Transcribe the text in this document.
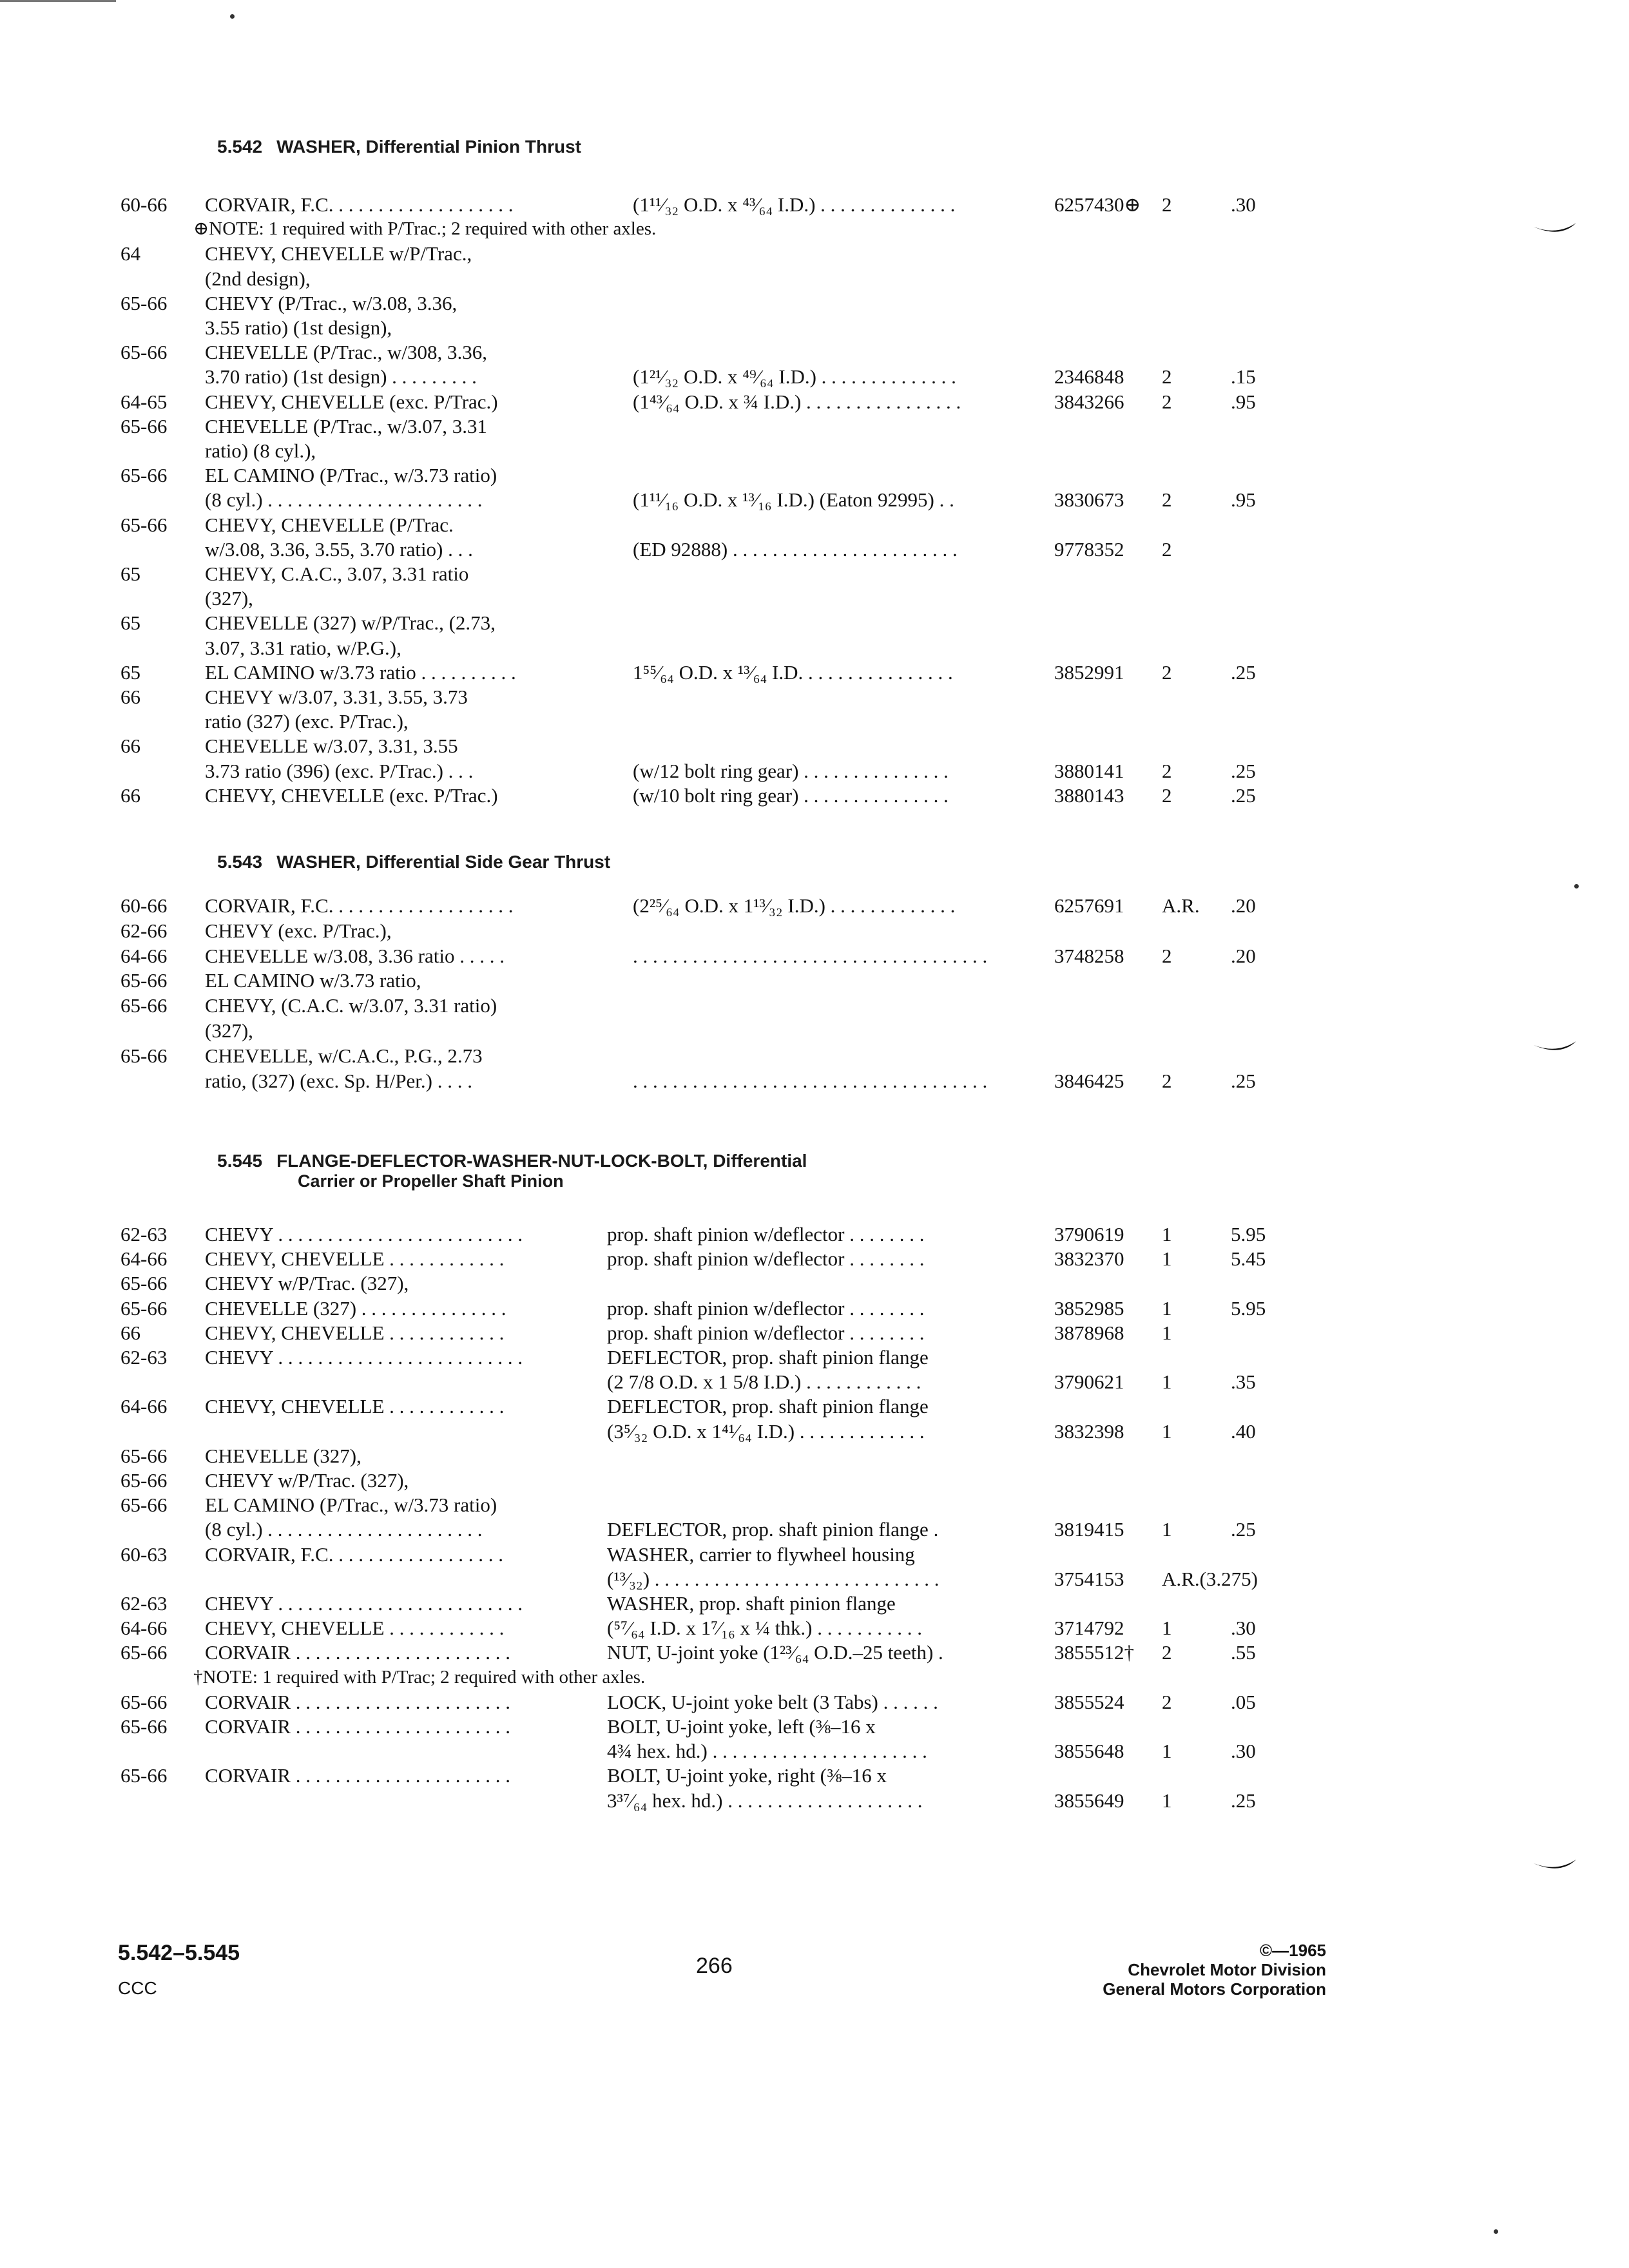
5.542 WASHER, Differential Pinion Thrust
60-66 CORVAIR, F.C. . . . . . . . . . . . . . . . . . .	(1¹¹⁄₃₂ O.D. x ⁴³⁄₆₄ I.D.) . . . . . . . . . . . . . .	6257430⊕ 2	.30
⊕NOTE: 1 required with P/Trac.; 2 required with other axles.
64	CHEVY, CHEVELLE w/P/Trac.,
(2nd design),
65-66 CHEVY (P/Trac., w/3.08, 3.36,
3.55 ratio) (1st design),
65-66 CHEVELLE (P/Trac., w/308, 3.36,
3.70 ratio) (1st design) . . . . . . . . .	(1²¹⁄₃₂ O.D. x ⁴⁹⁄₆₄ I.D.) . . . . . . . . . . . . . .	2346848 2	.15
64-65 CHEVY, CHEVELLE (exc. P/Trac.)	(1⁴³⁄₆₄ O.D. x ¾ I.D.) . . . . . . . . . . . . . . . .	3843266 2	.95
65-66 CHEVELLE (P/Trac., w/3.07, 3.31
ratio) (8 cyl.),
65-66 EL CAMINO (P/Trac., w/3.73 ratio)
(8 cyl.) . . . . . . . . . . . . . . . . . . . . . .	(1¹¹⁄₁₆ O.D. x ¹³⁄₁₆ I.D.) (Eaton 92995) . .	3830673 2	.95
65-66 CHEVY, CHEVELLE (P/Trac.
w/3.08, 3.36, 3.55, 3.70 ratio) . . .	(ED 92888) . . . . . . . . . . . . . . . . . . . . . . .	9778352 2
65	CHEVY, C.A.C., 3.07, 3.31 ratio
(327),
65	CHEVELLE (327) w/P/Trac., (2.73,
3.07, 3.31 ratio, w/P.G.),
65	EL CAMINO w/3.73 ratio . . . . . . . . . .	1⁵⁵⁄₆₄ O.D. x ¹³⁄₆₄ I.D. . . . . . . . . . . . . . . .	3852991 2	.25
66	CHEVY w/3.07, 3.31, 3.55, 3.73
ratio (327) (exc. P/Trac.),
66	CHEVELLE w/3.07, 3.31, 3.55
3.73 ratio (396) (exc. P/Trac.) . . .	(w/12 bolt ring gear) . . . . . . . . . . . . . . .	3880141 2	.25
66	CHEVY, CHEVELLE (exc. P/Trac.)	(w/10 bolt ring gear) . . . . . . . . . . . . . . .	3880143 2	.25
5.543 WASHER, Differential Side Gear Thrust
60-66 CORVAIR, F.C. . . . . . . . . . . . . . . . . . .	(2²⁵⁄₆₄ O.D. x 1¹³⁄₃₂ I.D.) . . . . . . . . . . . . .	6257691 A.R. .20
62-66 CHEVY (exc. P/Trac.),
64-66 CHEVELLE w/3.08, 3.36 ratio . . . . .	. . . . . . . . . . . . . . . . . . . . . . . . . . . . . . . . . . . .	3748258 2	.20
65-66 EL CAMINO w/3.73 ratio,
65-66 CHEVY, (C.A.C. w/3.07, 3.31 ratio)
(327),
65-66 CHEVELLE, w/C.A.C., P.G., 2.73
ratio, (327) (exc. Sp. H/Per.) . . . .	. . . . . . . . . . . . . . . . . . . . . . . . . . . . . . . . . . . .	3846425 2	.25
5.545 FLANGE-DEFLECTOR-WASHER-NUT-LOCK-BOLT, Differential
Carrier or Propeller Shaft Pinion
62-63 CHEVY . . . . . . . . . . . . . . . . . . . . . . . . .	prop. shaft pinion w/deflector . . . . . . . .	3790619 1	5.95
64-66 CHEVY, CHEVELLE . . . . . . . . . . . .	prop. shaft pinion w/deflector . . . . . . . .	3832370 1	5.45
65-66 CHEVY w/P/Trac. (327),
65-66 CHEVELLE (327) . . . . . . . . . . . . . . .	prop. shaft pinion w/deflector . . . . . . . .	3852985 1	5.95
66	CHEVY, CHEVELLE . . . . . . . . . . . .	prop. shaft pinion w/deflector . . . . . . . .	3878968 1
62-63 CHEVY . . . . . . . . . . . . . . . . . . . . . . . . .	DEFLECTOR, prop. shaft pinion flange
(2 7/8 O.D. x 1 5/8 I.D.) . . . . . . . . . . . .	3790621 1	.35
64-66 CHEVY, CHEVELLE . . . . . . . . . . . .	DEFLECTOR, prop. shaft pinion flange
(3⁵⁄₃₂ O.D. x 1⁴¹⁄₆₄ I.D.) . . . . . . . . . . . . .	3832398 1	.40
65-66 CHEVELLE (327),
65-66 CHEVY w/P/Trac. (327),
65-66 EL CAMINO (P/Trac., w/3.73 ratio)
(8 cyl.) . . . . . . . . . . . . . . . . . . . . . .	DEFLECTOR, prop. shaft pinion flange .	3819415 1	.25
60-63 CORVAIR, F.C. . . . . . . . . . . . . . . . . .	WASHER, carrier to flywheel housing
(¹³⁄₃₂) . . . . . . . . . . . . . . . . . . . . . . . . . . . . .	3754153 A.R.(3.275)
62-63 CHEVY . . . . . . . . . . . . . . . . . . . . . . . . .	WASHER, prop. shaft pinion flange
64-66 CHEVY, CHEVELLE . . . . . . . . . . . .	(⁵⁷⁄₆₄ I.D. x 1⁷⁄₁₆ x ¼ thk.) . . . . . . . . . . .	3714792 1	.30
65-66 CORVAIR . . . . . . . . . . . . . . . . . . . . . .	NUT, U-joint yoke (1²³⁄₆₄ O.D.–25 teeth) .	3855512† 2	.55
†NOTE: 1 required with P/Trac; 2 required with other axles.
65-66 CORVAIR . . . . . . . . . . . . . . . . . . . . . .	LOCK, U-joint yoke belt (3 Tabs) . . . . . .	3855524 2	.05
65-66 CORVAIR . . . . . . . . . . . . . . . . . . . . . .	BOLT, U-joint yoke, left (⅜–16 x
4¾ hex. hd.) . . . . . . . . . . . . . . . . . . . . . .	3855648 1	.30
65-66 CORVAIR . . . . . . . . . . . . . . . . . . . . . .	BOLT, U-joint yoke, right (⅜–16 x
3³⁷⁄₆₄ hex. hd.) . . . . . . . . . . . . . . . . . . . .	3855649 1	.25
5.542–5.545
CCC
266
©—1965
Chevrolet Motor Division
General Motors Corporation
